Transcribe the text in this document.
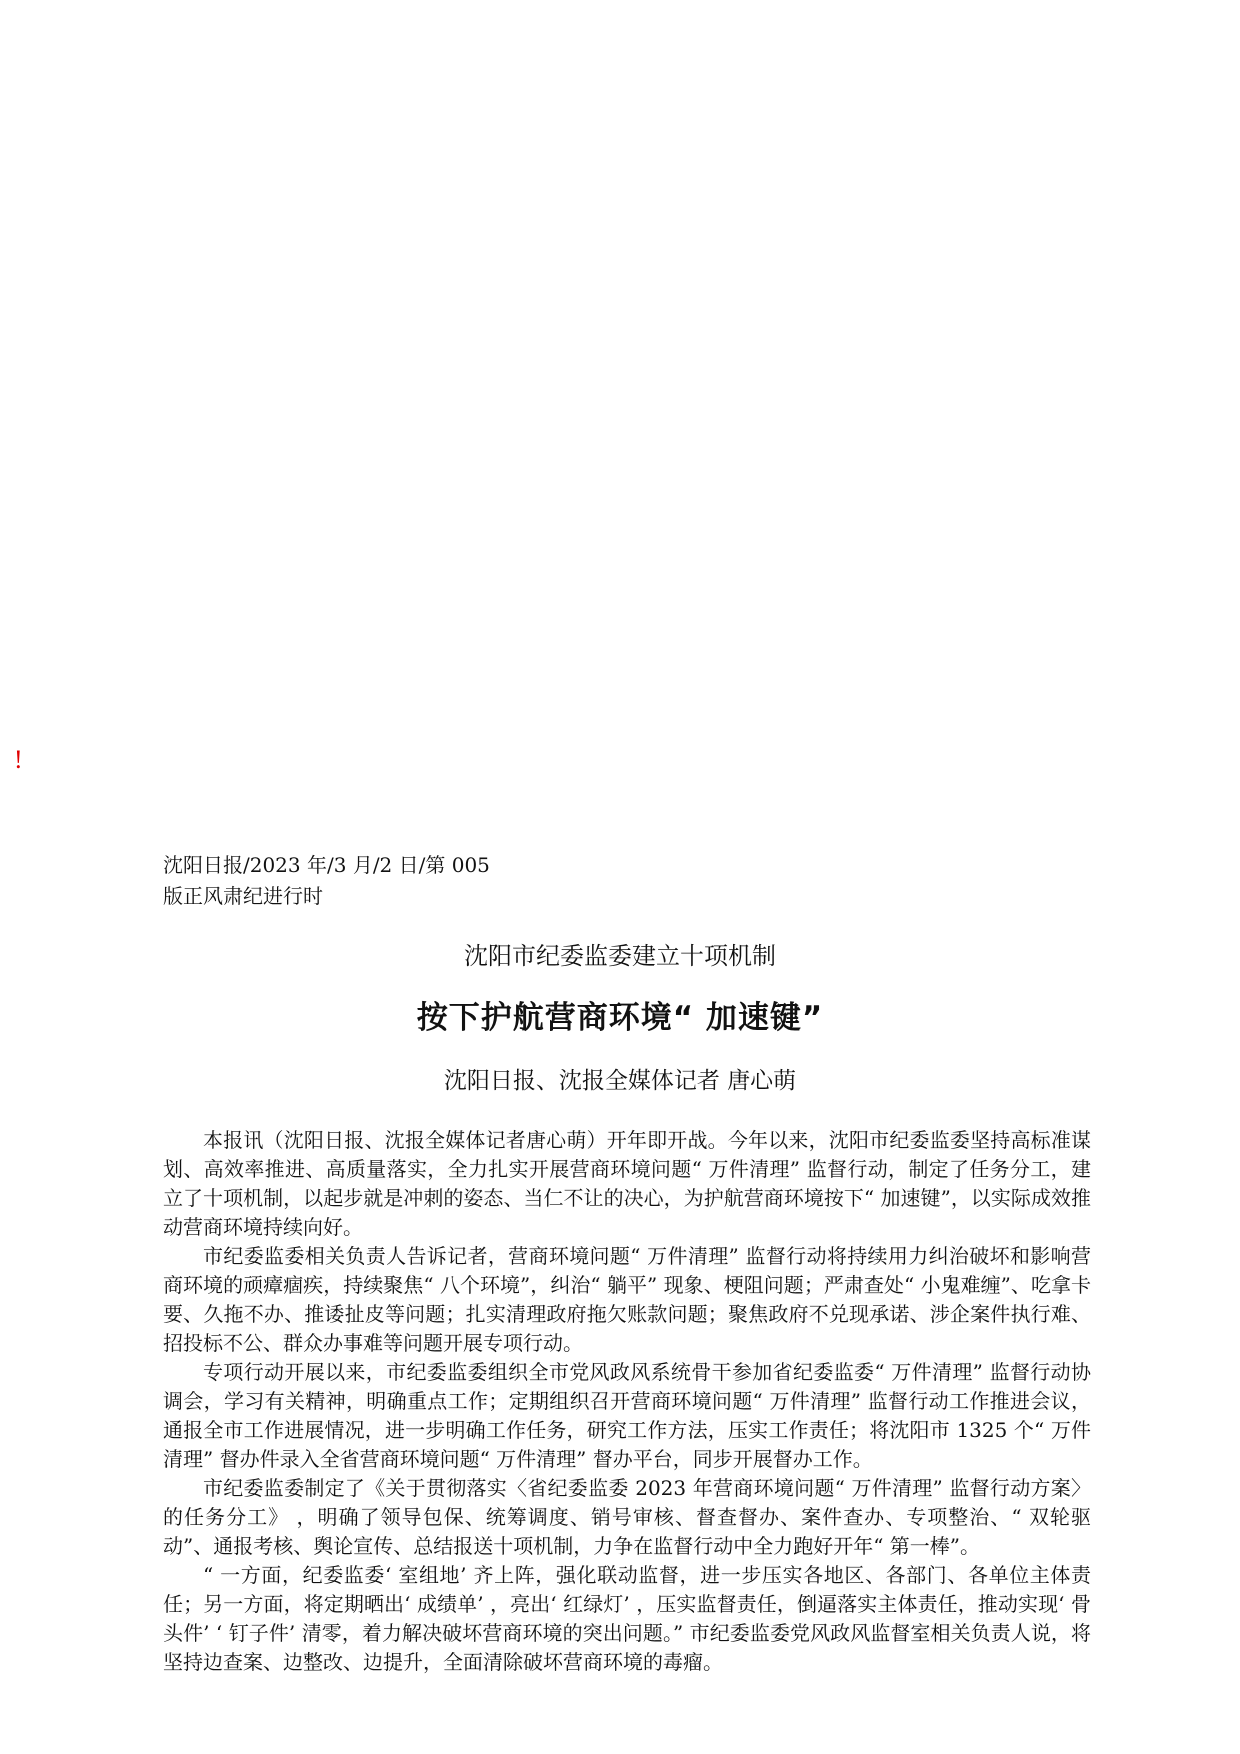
!
沈阳日报/2023 年/3 月/2 日/第 005
版正风肃纪进行时
沈阳市纪委监委建立十项机制
按下护航营商环境“ 加速键”
沈阳日报、沈报全媒体记者 唐心萌

本报讯（沈阳日报、沈报全媒体记者唐心萌）开年即开战。今年以来，沈阳市纪委监委坚持高标准谋划、高效率推进、高质量落实，全力扎实开展营商环境问题“ 万件清理” 监督行动，制定了任务分工，建立了十项机制，以起步就是冲刺的姿态、当仁不让的决心，为护航营商环境按下“ 加速键”，以实际成效推动营商环境持续向好。

市纪委监委相关负责人告诉记者，营商环境问题“ 万件清理” 监督行动将持续用力纠治破坏和影响营商环境的顽瘴痼疾，持续聚焦“ 八个环境”，纠治“ 躺平” 现象、梗阻问题；严肃查处“ 小鬼难缠”、吃拿卡要、久拖不办、推诿扯皮等问题；扎实清理政府拖欠账款问题；聚焦政府不兑现承诺、涉企案件执行难、招投标不公、群众办事难等问题开展专项行动。

专项行动开展以来，市纪委监委组织全市党风政风系统骨干参加省纪委监委“ 万件清理” 监督行动协调会，学习有关精神，明确重点工作；定期组织召开营商环境问题“ 万件清理” 监督行动工作推进会议，通报全市工作进展情况，进一步明确工作任务，研究工作方法，压实工作责任；将沈阳市 1325 个“ 万件清理” 督办件录入全省营商环境问题“ 万件清理” 督办平台，同步开展督办工作。

市纪委监委制定了《关于贯彻落实〈省纪委监委 2023 年营商环境问题“ 万件清理” 监督行动方案〉的任务分工》 ，明确了领导包保、统筹调度、销号审核、督查督办、案件查办、专项整治、“ 双轮驱动”、通报考核、舆论宣传、总结报送十项机制，力争在监督行动中全力跑好开年“ 第一棒”。

“ 一方面，纪委监委‘ 室组地’ 齐上阵，强化联动监督，进一步压实各地区、各部门、各单位主体责任；另一方面，将定期晒出‘ 成绩单’ ，亮出‘ 红绿灯’ ，压实监督责任，倒逼落实主体责任，推动实现‘ 骨头件’ ‘ 钉子件’ 清零，着力解决破坏营商环境的突出问题。” 市纪委监委党风政风监督室相关负责人说，将坚持边查案、边整改、边提升，全面清除破坏营商环境的毒瘤。
